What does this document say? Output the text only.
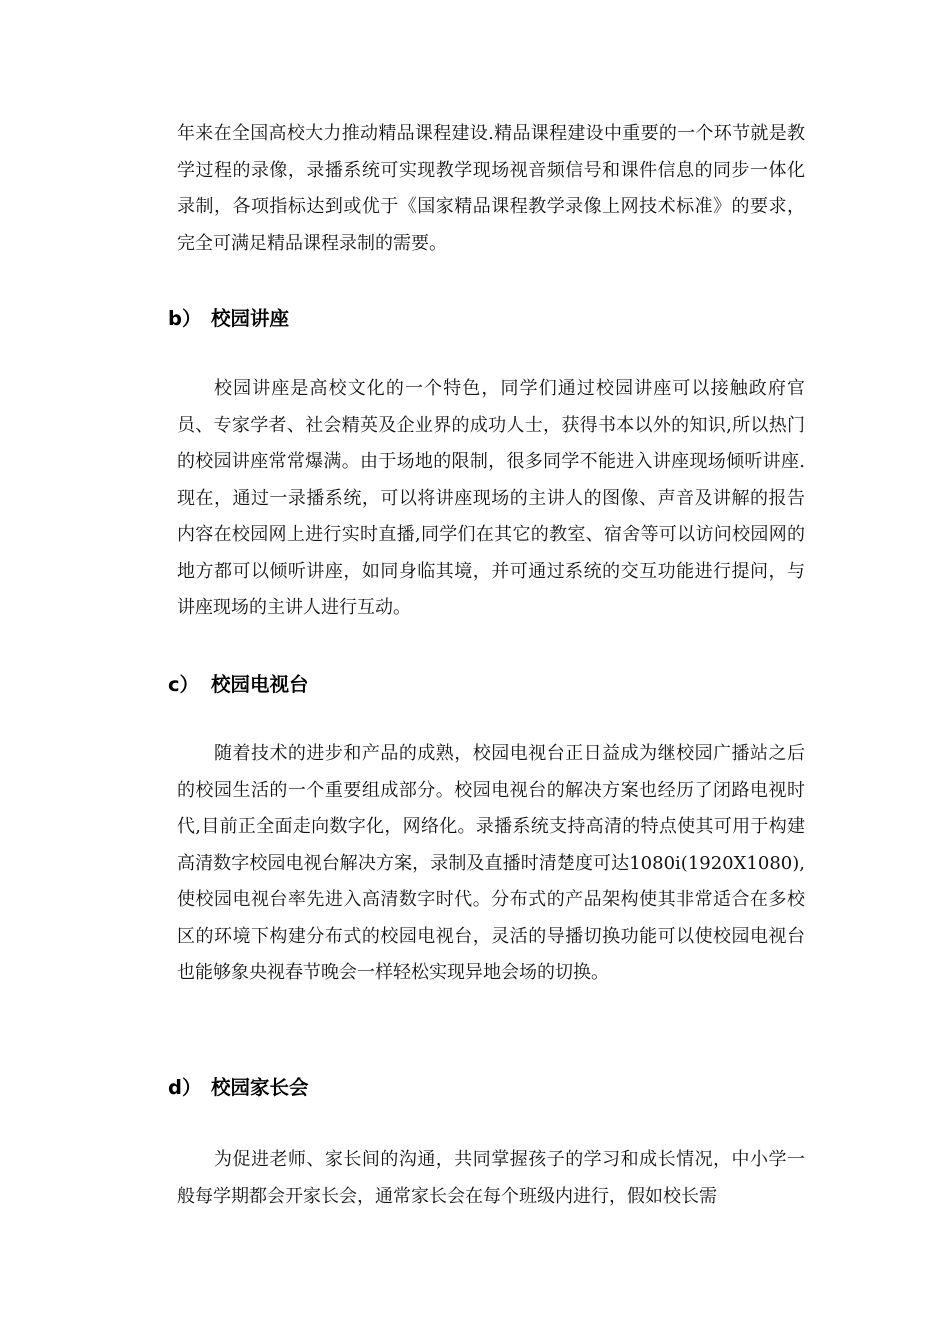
年来在全国高校大力推动精品课程建设.精品课程建设中重要的一个环节就是教学过程的录像，录播系统可实现教学现场视音频信号和课件信息的同步一体化录制，各项指标达到或优于《国家精品课程教学录像上网技术标准》的要求，完全可满足精品课程录制的需要。

b） 校园讲座

校园讲座是高校文化的一个特色，同学们通过校园讲座可以接触政府官员、专家学者、社会精英及企业界的成功人士，获得书本以外的知识,所以热门的校园讲座常常爆满。由于场地的限制，很多同学不能进入讲座现场倾听讲座.现在，通过一录播系统，可以将讲座现场的主讲人的图像、声音及讲解的报告内容在校园网上进行实时直播,同学们在其它的教室、宿舍等可以访问校园网的地方都可以倾听讲座，如同身临其境，并可通过系统的交互功能进行提问，与讲座现场的主讲人进行互动。

c） 校园电视台

随着技术的进步和产品的成熟，校园电视台正日益成为继校园广播站之后的校园生活的一个重要组成部分。校园电视台的解决方案也经历了闭路电视时代,目前正全面走向数字化，网络化。录播系统支持高清的特点使其可用于构建高清数字校园电视台解决方案，录制及直播时清楚度可达1080i(1920X1080),使校园电视台率先进入高清数字时代。分布式的产品架构使其非常适合在多校区的环境下构建分布式的校园电视台，灵活的导播切换功能可以使校园电视台也能够象央视春节晚会一样轻松实现异地会场的切换。

d） 校园家长会

为促进老师、家长间的沟通，共同掌握孩子的学习和成长情况，中小学一般每学期都会开家长会，通常家长会在每个班级内进行，假如校长需
